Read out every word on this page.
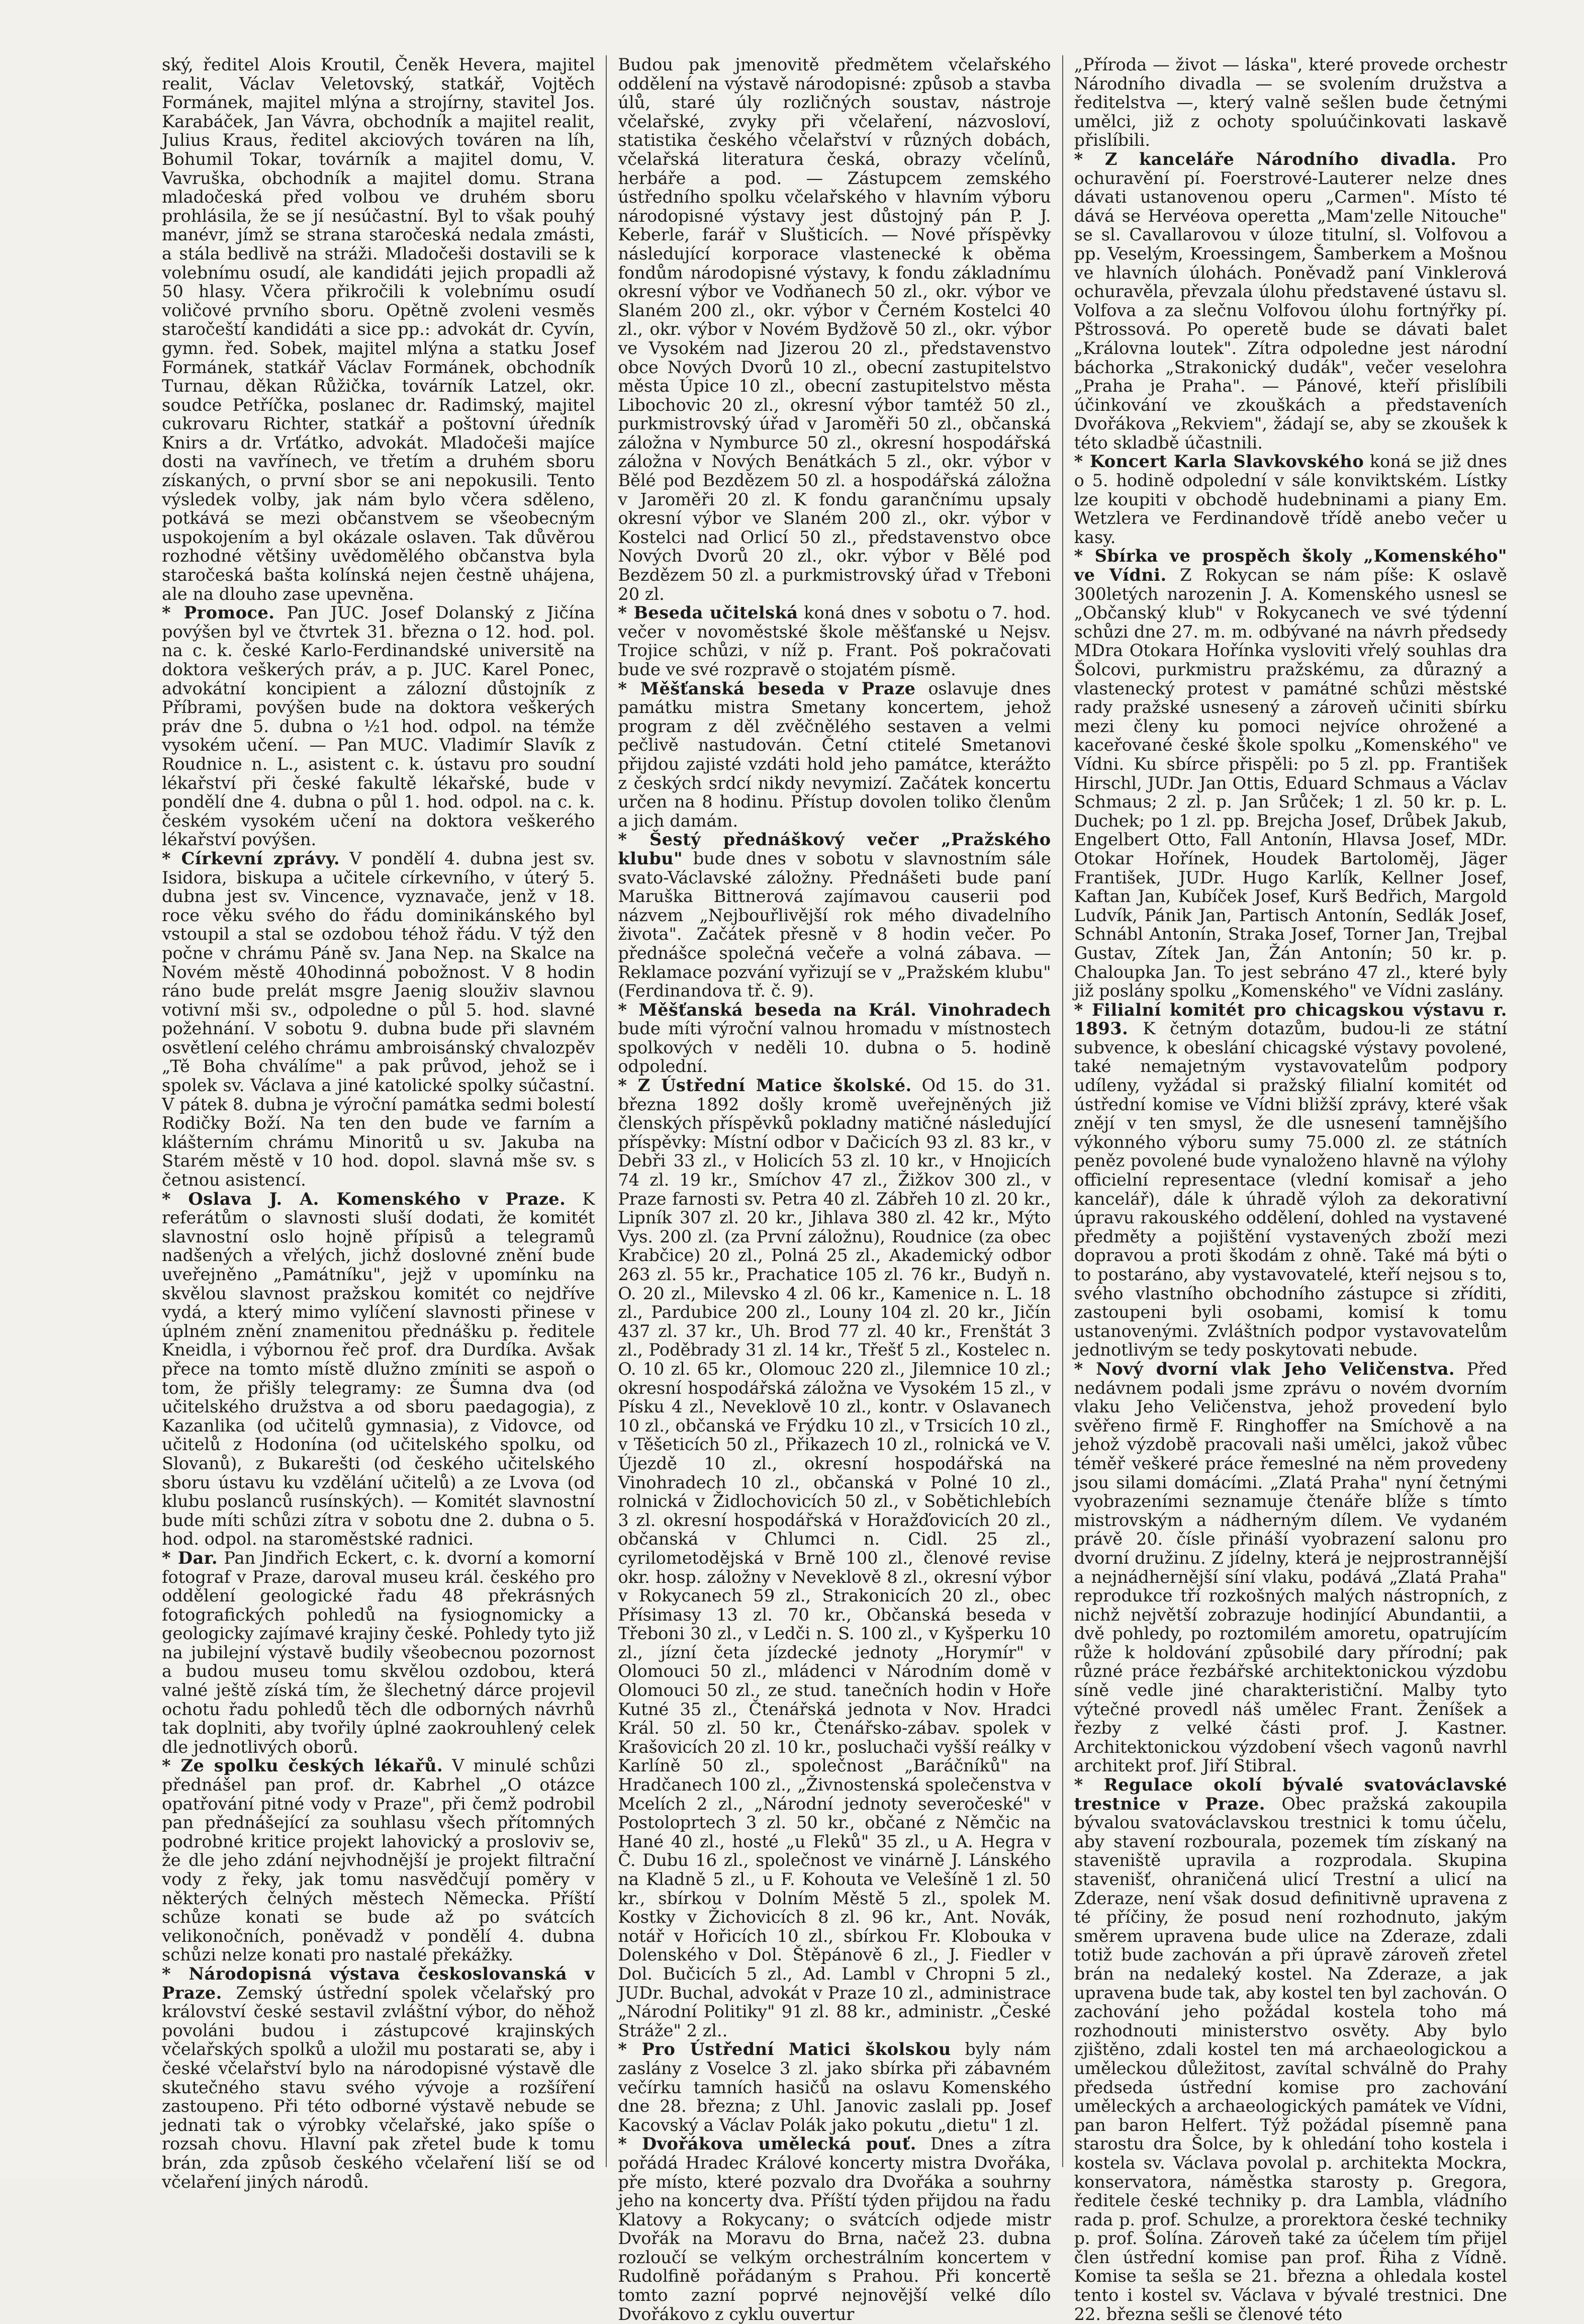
ský, ředitel Alois Kroutil, Čeněk Hevera, majitel realit, Václav Veletovský, statkář, Vojtěch Formánek, majitel mlýna a strojírny, stavitel Jos. Karabáček, Jan Vávra, obchodník a majitel realit, Julius Kraus, ředitel akciových továren na líh, Bohumil Tokar, továrník a majitel domu, V. Vavruška, obchodník a majitel domu. Strana mladočeská před volbou ve druhém sboru prohlásila, že se jí nesúčastní. Byl to však pouhý manévr, jímž se strana staročeská nedala zmásti, a stála bedlivě na stráži. Mladočeši dostavili se k volebnímu osudí, ale kandidáti jejich propadli až 50 hlasy. Včera přikročili k volebnímu osudí voličové prvního sboru. Opětně zvoleni vesměs staročeští kandidáti a sice pp.: advokát dr. Cyvín, gymn. řed. Sobek, majitel mlýna a statku Josef Formánek, statkář Václav Formánek, obchodník Turnau, děkan Růžička, továrník Latzel, okr. soudce Petříčka, poslanec dr. Radimský, majitel cukrovaru Richter, statkář a poštovní úředník Knirs a dr. Vrťátko, advokát. Mladočeši majíce dosti na vavřínech, ve třetím a druhém sboru získaných, o první sbor se ani nepokusili. Tento výsledek volby, jak nám bylo včera sděleno, potkává se mezi občanstvem se všeobecným uspokojením a byl okázale oslaven. Tak důvěrou rozhodné většiny uvědomělého občanstva byla staročeská bašta kolínská nejen čestně uhájena, ale na dlouho zase upevněna.

* Promoce. Pan JUC. Josef Dolanský z Jičína povýšen byl ve čtvrtek 31. března o 12. hod. pol. na c. k. české Karlo-Ferdinandské universitě na doktora veškerých práv, a p. JUC. Karel Ponec, advokátní koncipient a zálozní důstojník z Příbrami, povýšen bude na doktora veškerých práv dne 5. dubna o ½1 hod. odpol. na témže vysokém učení. — Pan MUC. Vladimír Slavík z Roudnice n. L., asistent c. k. ústavu pro soudní lékařství při české fakultě lékařské, bude v pondělí dne 4. dubna o půl 1. hod. odpol. na c. k. českém vysokém učení na doktora veškerého lékařství povýšen.

* Církevní zprávy. V pondělí 4. dubna jest sv. Isidora, biskupa a učitele církevního, v úterý 5. dubna jest sv. Vincence, vyznavače, jenž v 18. roce věku svého do řádu dominikánského byl vstoupil a stal se ozdobou téhož řádu. V týž den počne v chrámu Páně sv. Jana Nep. na Skalce na Novém městě 40hodinná pobožnost. V 8 hodin ráno bude prelát msgre Jaenig slouživ slavnou votivní mši sv., odpoledne o půl 5. hod. slavné požehnání. V sobotu 9. dubna bude při slavném osvětlení celého chrámu ambroisánský chvalozpěv „Tě Boha chválíme" a pak průvod, jehož se i spolek sv. Václava a jiné katolické spolky súčastní. V pátek 8. dubna je výroční památka sedmi bolestí Rodičky Boží. Na ten den bude ve farním a klášterním chrámu Minoritů u sv. Jakuba na Starém městě v 10 hod. dopol. slavná mše sv. s četnou asistencí.

* Oslava J. A. Komenského v Praze. K referátům o slavnosti sluší dodati, že komitét slavnostní oslo hojně přípisů a telegramů nadšených a vřelých, jichž doslovné znění bude uveřejněno „Památníku", jejž v upomínku na skvělou slavnost pražskou komitét co nejdříve vydá, a který mimo vylíčení slavnosti přinese v úplném znění znamenitou přednášku p. ředitele Kneidla, i výbornou řeč prof. dra Durdíka. Avšak přece na tomto místě dlužno zmíniti se aspoň o tom, že přišly telegramy: ze Šumna dva (od učitelského družstva a od sboru paedagogia), z Kazanlika (od učitelů gymnasia), z Vidovce, od učitelů z Hodonína (od učitelského spolku, od Slovanů), z Bukarešti (od českého učitelského sboru ústavu ku vzdělání učitelů) a ze Lvova (od klubu poslanců rusínských). — Komitét slavnostní bude míti schůzi zítra v sobotu dne 2. dubna o 5. hod. odpol. na staroměstské radnici.

* Dar. Pan Jindřich Eckert, c. k. dvorní a komorní fotograf v Praze, daroval museu král. českého pro oddělení geologické řadu 48 překrásných fotografických pohledů na fysiognomicky a geologicky zajímavé krajiny české. Pohledy tyto již na jubilejní výstavě budily všeobecnou pozornost a budou museu tomu skvělou ozdobou, která valné ještě získá tím, že šlechetný dárce projevil ochotu řadu pohledů těch dle odborných návrhů tak doplniti, aby tvořily úplné zaokrouhlený celek dle jednotlivých oborů.

* Ze spolku českých lékařů. V minulé schůzi přednášel pan prof. dr. Kabrhel „O otázce opatřování pitné vody v Praze", při čemž podrobil pan přednášející za souhlasu všech přítomných podrobné kritice projekt lahovický a prosloviv se, že dle jeho zdání nejvhodnější je projekt filtrační vody z řeky, jak tomu nasvědčují poměry v některých čelných městech Německa. Příští schůze konati se bude až po svátcích velikonočních, poněvadž v pondělí 4. dubna schůzi nelze konati pro nastalé překážky.

* Národopisná výstava českoslovanská v Praze. Zemský ústřední spolek včelařský pro království české sestavil zvláštní výbor, do něhož povoláni budou i zástupcové krajinských včelařských spolků a uložil mu postarati se, aby i české včelařství bylo na národopisné výstavě dle skutečného stavu svého vývoje a rozšíření zastoupeno. Při této odborné výstavě nebude se jednati tak o výrobky včelařské, jako spíše o rozsah chovu. Hlavní pak zřetel bude k tomu brán, zda způsob českého včelaření liší se od včelaření jiných národů.

Budou pak jmenovitě předmětem včelařského oddělení na výstavě národopisné: způsob a stavba úlů, staré úly rozličných soustav, nástroje včelařské, zvyky při včelaření, názvosloví, statistika českého včelařství v různých dobách, včelařská literatura česká, obrazy včelínů, herbáře a pod. — Zástupcem zemského ústředního spolku včelařského v hlavním výboru národopisné výstavy jest důstojný pán P. J. Keberle, farář v Slušticích. — Nové příspěvky následující korporace vlastenecké k oběma fondům národopisné výstavy, k fondu základnímu okresní výbor ve Vodňanech 50 zl., okr. výbor ve Slaném 200 zl., okr. výbor v Černém Kostelci 40 zl., okr. výbor v Novém Bydžově 50 zl., okr. výbor ve Vysokém nad Jizerou 20 zl., představenstvo obce Nových Dvorů 10 zl., obecní zastupitelstvo města Úpice 10 zl., obecní zastupitelstvo města Libochovic 20 zl., okresní výbor tamtéž 50 zl., purkmistrovský úřad v Jaroměři 50 zl., občanská záložna v Nymburce 50 zl., okresní hospodářská záložna v Nových Benátkách 5 zl., okr. výbor v Bělé pod Bezdězem 50 zl. a hospodářská záložna v Jaroměři 20 zl. K fondu garančnímu upsaly okresní výbor ve Slaném 200 zl., okr. výbor v Kostelci nad Orlicí 50 zl., představenstvo obce Nových Dvorů 20 zl., okr. výbor v Bělé pod Bezdězem 50 zl. a purkmistrovský úřad v Třeboni 20 zl.

* Beseda učitelská koná dnes v sobotu o 7. hod. večer v novoměstské škole měšťanské u Nejsv. Trojice schůzi, v níž p. Frant. Poš pokračovati bude ve své rozpravě o stojatém písmě.

* Měšťanská beseda v Praze oslavuje dnes památku mistra Smetany koncertem, jehož program z děl zvěčnělého sestaven a velmi pečlivě nastudován. Četní ctitelé Smetanovi přijdou zajisté vzdáti hold jeho památce, kterážto z českých srdcí nikdy nevymizí. Začátek koncertu určen na 8 hodinu. Přístup dovolen toliko členům a jich damám.

* Šestý přednáškový večer „Pražského klubu" bude dnes v sobotu v slavnostním sále svato-Václavské záložny. Přednášeti bude paní Maruška Bittnerová zajímavou causerii pod názvem „Nejbouřlivější rok mého divadelního života". Začátek přesně v 8 hodin večer. Po přednášce společná večeře a volná zábava. — Reklamace pozvání vyřizují se v „Pražském klubu" (Ferdinandova tř. č. 9).

* Měšťanská beseda na Král. Vinohradech bude míti výroční valnou hromadu v místnostech spolkových v neděli 10. dubna o 5. hodině odpolední.

* Z Ústřední Matice školské. Od 15. do 31. března 1892 došly kromě uveřejněných již členských příspěvků pokladny matičné následující příspěvky: Místní odbor v Dačicích 93 zl. 83 kr., v Debři 33 zl., v Holicích 53 zl. 10 kr., v Hnojicích 74 zl. 19 kr., Smíchov 47 zl., Žižkov 300 zl., v Praze farnosti sv. Petra 40 zl. Zábřeh 10 zl. 20 kr., Lipník 307 zl. 20 kr., Jihlava 380 zl. 42 kr., Mýto Vys. 200 zl. (za První záložnu), Roudnice (za obec Krabčice) 20 zl., Polná 25 zl., Akademický odbor 263 zl. 55 kr., Prachatice 105 zl. 76 kr., Budyň n. O. 20 zl., Milevsko 4 zl. 06 kr., Kamenice n. L. 18 zl., Pardubice 200 zl., Louny 104 zl. 20 kr., Jičín 437 zl. 37 kr., Uh. Brod 77 zl. 40 kr., Frenštát 3 zl., Poděbrady 31 zl. 14 kr., Třešť 5 zl., Kostelec n. O. 10 zl. 65 kr., Olomouc 220 zl., Jilemnice 10 zl.; okresní hospodářská záložna ve Vysokém 15 zl., v Písku 4 zl., Neveklově 10 zl., kontr. v Oslavanech 10 zl., občanská ve Frýdku 10 zl., v Trsicích 10 zl., v Těšeticích 50 zl., Přikazech 10 zl., rolnická ve V. Újezdě 10 zl., okresní hospodářská na Vinohradech 10 zl., občanská v Polné 10 zl., rolnická v Židlochovicích 50 zl., v Sobětichlebích 3 zl. okresní hospodářská v Horažďovicích 20 zl., občanská v Chlumci n. Cidl. 25 zl., cyrilometodějská v Brně 100 zl., členové revise okr. hosp. záložny v Neveklově 8 zl., okresní výbor v Rokycanech 59 zl., Strakonicích 20 zl., obec Přísimasy 13 zl. 70 kr., Občanská beseda v Třeboni 30 zl., v Ledči n. S. 100 zl., v Kyšperku 10 zl., jízní četa jízdecké jednoty „Horymír" v Olomouci 50 zl., mládenci v Národním domě v Olomouci 50 zl., ze stud. tanečních hodin v Hoře Kutné 35 zl., Čtenářská jednota v Nov. Hradci Král. 50 zl. 50 kr., Čtenářsko-zábav. spolek v Krašovicích 20 zl. 10 kr., posluchači vyšší reálky v Karlíně 50 zl., společnost „Baráčníků" na Hradčanech 100 zl., „Živnostenská společenstva v Mcelích 2 zl., „Národní jednoty severočeské" v Postoloprtech 3 zl. 50 kr., občané z Němčic na Hané 40 zl., hosté „u Fleků" 35 zl., u A. Hegra v Č. Dubu 16 zl., společnost ve vinárně J. Lánského na Kladně 5 zl., u F. Kohouta ve Velešíně 1 zl. 50 kr., sbírkou v Dolním Městě 5 zl., spolek M. Kostky v Žichovicích 8 zl. 96 kr., Ant. Novák, notář v Hořicích 10 zl., sbírkou Fr. Klobouka v Dolenského v Dol. Štěpánově 6 zl., J. Fiedler v Dol. Bučicích 5 zl., Ad. Lambl v Chropni 5 zl., JUDr. Buchal, advokát v Praze 10 zl., administrace „Národní Politiky" 91 zl. 88 kr., administr. „České Stráže" 2 zl..

* Pro Ústřední Matici školskou byly nám zaslány z Voselce 3 zl. jako sbírka při zábavném večírku tamních hasičů na oslavu Komenského dne 28. března; z Uhl. Janovic zaslali pp. Josef Kacovský a Václav Polák jako pokutu „dietu" 1 zl.

* Dvořákova umělecká pouť. Dnes a zítra pořádá Hradec Králové koncerty mistra Dvořáka, pře místo, které pozvalo dra Dvořáka a souhrny jeho na koncerty dva. Příští týden přijdou na řadu Klatovy a Rokycany; o svátcích odjede mistr Dvořák na Moravu do Brna, načež 23. dubna rozloučí se velkým orchestrálním koncertem v Rudolfině pořádaným s Prahou. Při koncertě tomto zazní poprvé nejnovější velké dílo Dvořákovo z cyklu ouvertur

„Příroda — život — láska", které provede orchestr Národního divadla — se svolením družstva a ředitelstva —, který valně sešlen bude četnými umělci, již z ochoty spoluúčinkovati laskavě přislíbili.

* Z kanceláře Národního divadla. Pro ochuravění pí. Foerstrové-Lauterer nelze dnes dávati ustanovenou operu „Carmen". Místo té dává se Hervéova operetta „Mam'zelle Nitouche" se sl. Cavallarovou v úloze titulní, sl. Volfovou a pp. Veselým, Kroessingem, Šamberkem a Mošnou ve hlavních úlohách. Poněvadž paní Vinklerová ochuravěla, převzala úlohu představené ústavu sl. Volfova a za slečnu Volfovou úlohu fortnýřky pí. Pštrossová. Po operetě bude se dávati balet „Královna loutek". Zítra odpoledne jest národní báchorka „Strakonický dudák", večer veselohra „Praha je Praha". — Pánové, kteří přislíbili účinkování ve zkouškách a představeních Dvořákova „Rekviem", žádají se, aby se zkoušek k této skladbě účastnili.

* Koncert Karla Slavkovského koná se již dnes o 5. hodině odpolední v sále konviktském. Lístky lze koupiti v obchodě hudebninami a piany Em. Wetzlera ve Ferdinandově třídě anebo večer u kasy.

* Sbírka ve prospěch školy „Komenského" ve Vídni. Z Rokycan se nám píše: K oslavě 300letých narozenin J. A. Komenského usnesl se „Občanský klub" v Rokycanech ve své týdenní schůzi dne 27. m. m. odbývané na návrh předsedy MDra Otokara Hořínka vysloviti vřelý souhlas dra Šolcovi, purkmistru pražskému, za důrazný a vlastenecký protest v památné schůzi městské rady pražské usnesený a zároveň učiniti sbírku mezi členy ku pomoci nejvíce ohrožené a kaceřované české škole spolku „Komenského" ve Vídni. Ku sbírce přispěli: po 5 zl. pp. František Hirschl, JUDr. Jan Ottis, Eduard Schmaus a Václav Schmaus; 2 zl. p. Jan Srůček; 1 zl. 50 kr. p. L. Duchek; po 1 zl. pp. Brejcha Josef, Drůbek Jakub, Engelbert Otto, Fall Antonín, Hlavsa Josef, MDr. Otokar Hořínek, Houdek Bartoloměj, Jäger František, JUDr. Hugo Karlík, Kellner Josef, Kaftan Jan, Kubíček Josef, Kurš Bedřich, Margold Ludvík, Pánik Jan, Partisch Antonín, Sedlák Josef, Schnábl Antonín, Straka Josef, Torner Jan, Trejbal Gustav, Zítek Jan, Žán Antonín; 50 kr. p. Chaloupka Jan. To jest sebráno 47 zl., které byly již poslány spolku „Komenského" ve Vídni zaslány.

* Filialní komitét pro chicagskou výstavu r. 1893. K četným dotazům, budou-li ze státní subvence, k obeslání chicagské výstavy povolené, také nemajetným vystavovatelům podpory udíleny, vyžádal si pražský filialní komitét od ústřední komise ve Vídni bližší zprávy, které však znějí v ten smysl, že dle usnesení tamnějšího výkonného výboru sumy 75.000 zl. ze státních peněz povolené bude vynaloženo hlavně na výlohy officielní representace (vlední komisař a jeho kancelář), dále k úhradě výloh za dekorativní úpravu rakouského oddělení, dohled na vystavené předměty a pojištění vystavených zboží mezi dopravou a proti škodám z ohně. Také má býti o to postaráno, aby vystavovatelé, kteří nejsou s to, svého vlastního obchodního zástupce si zříditi, zastoupeni byli osobami, komisí k tomu ustanovenými. Zvláštních podpor vystavovatelům jednotlivým se tedy poskytovati nebude.

* Nový dvorní vlak Jeho Veličenstva. Před nedávnem podali jsme zprávu o novém dvorním vlaku Jeho Veličenstva, jehož provedení bylo svěřeno firmě F. Ringhoffer na Smíchově a na jehož výzdobě pracovali naši umělci, jakož vůbec téměř veškeré práce řemeslné na něm provedeny jsou silami domácími. „Zlatá Praha" nyní četnými vyobrazeními seznamuje čtenáře blíže s tímto mistrovským a nádherným dílem. Ve vydaném právě 20. čísle přináší vyobrazení salonu pro dvorní družinu. Z jídelny, která je nejprostrannější a nejnádhernější síní vlaku, podává „Zlatá Praha" reprodukce tří rozkošných malých nástropních, z nichž největší zobrazuje hodinjící Abundantii, a dvě pohledy, po roztomilém amoretu, opatrujícím růže k holdování způsobilé dary přírodní; pak různé práce řezbářské architektonickou výzdobu síně vedle jiné charakterističní. Malby tyto výtečné provedl náš umělec Frant. Ženíšek a řezby z velké části prof. J. Kastner. Architektonickou výzdobení všech vagonů navrhl architekt prof. Jiří Stibral.

* Regulace okolí bývalé svatováclavské trestnice v Praze. Obec pražská zakoupila bývalou svatováclavskou trestnici k tomu účelu, aby stavení rozbourala, pozemek tím získaný na staveniště upravila a rozprodala. Skupina stavenišť, ohraničená ulicí Trestní a ulicí na Zderaze, není však dosud definitivně upravena z té příčiny, že posud není rozhodnuto, jakým směrem upravena bude ulice na Zderaze, zdali totiž bude zachován a při úpravě zároveň zřetel brán na nedaleký kostel. Na Zderaze, a jak upravena bude tak, aby kostel ten byl zachován. O zachování jeho požádal kostela toho má rozhodnouti ministerstvo osvěty. Aby bylo zjištěno, zdali kostel ten má archaeologickou a uměleckou důležitost, zavítal schválně do Prahy předseda ústřední komise pro zachování uměleckých a archaeologických památek ve Vídni, pan baron Helfert. Týž požádal písemně pana starostu dra Šolce, by k ohledání toho kostela i kostela sv. Václava povolal p. architekta Mockra, konservatora, náměstka starosty p. Gregora, ředitele české techniky p. dra Lambla, vládního rada p. prof. Schulze, a prorektora české techniky p. prof. Šolína. Zároveň také za účelem tím přijel člen ústřední komise pan prof. Řiha z Vídně. Komise ta sešla se 21. března a ohledala kostel tento i kostel sv. Václava v bývalé trestnici. Dne 22. března sešli se členové této
